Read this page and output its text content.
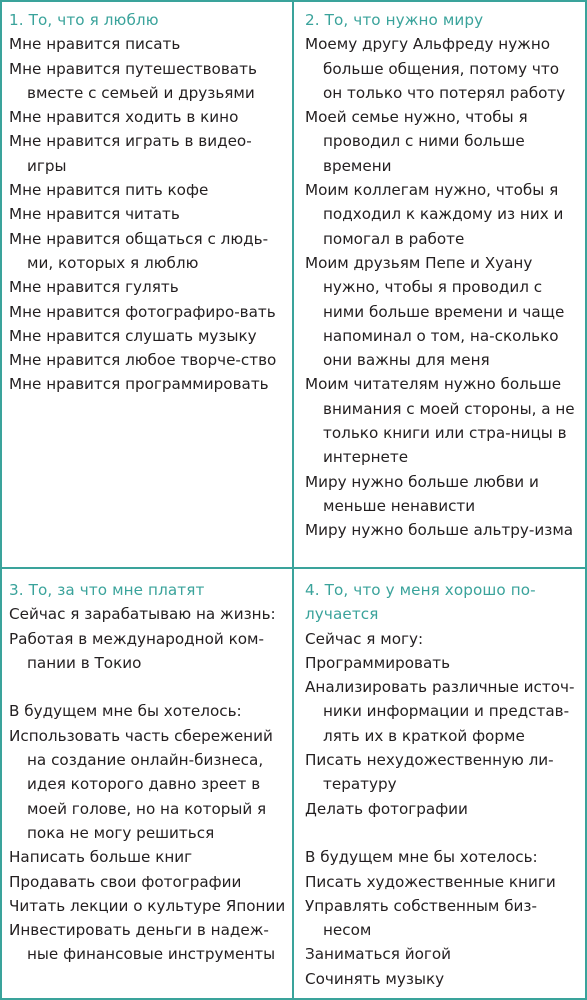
1. То, что я люблю

Мне нравится писать

Мне нравится путешествовать вместе с семьей и друзьями

Мне нравится ходить в кино

Мне нравится играть в видео-игры

Мне нравится пить кофе

Мне нравится читать

Мне нравится общаться с людь-ми, которых я люблю

Мне нравится гулять

Мне нравится фотографиро-вать

Мне нравится слушать музыку

Мне нравится любое творче-ство

Мне нравится программировать

2. То, что нужно миру

Моему другу Альфреду нужно больше общения, потому что он только что потерял работу

Моей семье нужно, чтобы я проводил с ними больше времени

Моим коллегам нужно, чтобы я подходил к каждому из них и помогал в работе

Моим друзьям Пепе и Хуану нужно, чтобы я проводил с ними больше времени и чаще напоминал о том, на-сколько они важны для меня

Моим читателям нужно больше внимания с моей стороны, а не только книги или стра-ницы в интернете

Миру нужно больше любви и меньше ненависти

Миру нужно больше альтру-изма

3. То, за что мне платят

Сейчас я зарабатываю на жизнь:

Работая в международной ком-пании в Токио

В будущем мне бы хотелось:

Использовать часть сбережений на создание онлайн-бизнеса, идея которого давно зреет в моей голове, но на который я пока не могу решиться

Написать больше книг

Продавать свои фотографии

Читать лекции о культуре Японии

Инвестировать деньги в надеж-ные финансовые инструменты

4. То, что у меня хорошо по-лучается

Сейчас я могу:

Программировать

Анализировать различные источ-ники информации и представ-лять их в краткой форме

Писать нехудожественную ли-тературу

Делать фотографии

В будущем мне бы хотелось:

Писать художественные книги

Управлять собственным биз-несом

Заниматься йогой

Сочинять музыку
